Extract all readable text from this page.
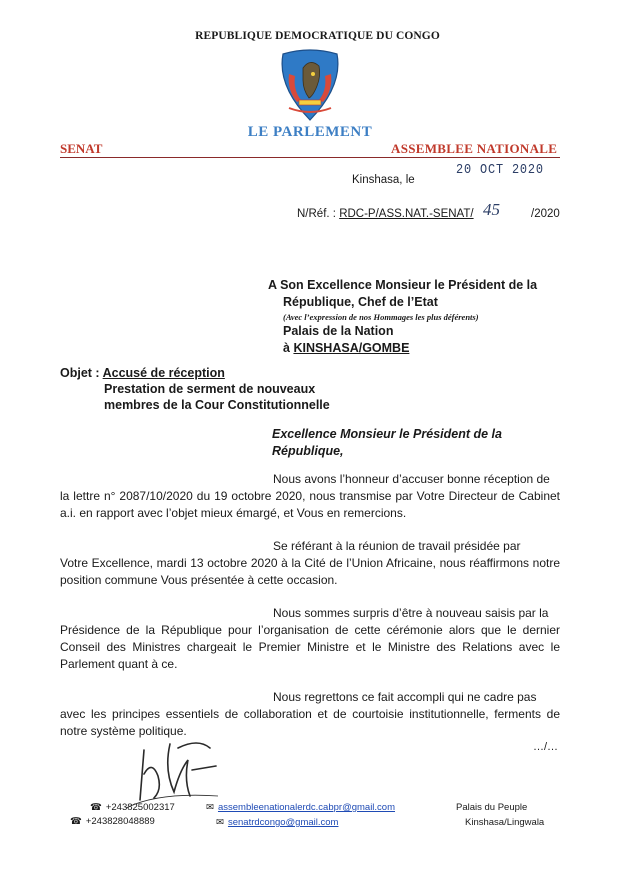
REPUBLIQUE DEMOCRATIQUE DU CONGO
LE PARLEMENT
SENAT	ASSEMBLEE NATIONALE
Kinshasa, le
20 OCT 2020
N/Réf. : RDC-P/ASS.NAT.-SENAT/ 45	/2020
A Son Excellence Monsieur le Président de la
République, Chef de l’Etat
(Avec l’expression de nos Hommages les plus déférents)
Palais de la Nation
à KINSHASA/GOMBE
Objet : Accusé de réception
Prestation de serment de nouveaux
membres de la Cour Constitutionnelle
Excellence Monsieur le Président de la
République,
Nous avons l’honneur d’accuser bonne réception de
la lettre n° 2087/10/2020 du 19 octobre 2020, nous transmise par Votre Directeur de Cabinet a.i. en rapport avec l’objet mieux émargé, et Vous en remercions.
Se référant à la réunion de travail présidée par
Votre Excellence, mardi 13 octobre 2020 à la Cité de l’Union Africaine, nous réaffirmons notre position commune Vous présentée à cette occasion.
Nous sommes surpris d’être à nouveau saisis par la
Présidence de la République pour l’organisation de cette cérémonie alors que le dernier Conseil des Ministres chargeait le Premier Ministre et le Ministre des Relations avec le Parlement quant à ce.
Nous regrettons ce fait accompli qui ne cadre pas
avec les principes essentiels de collaboration et de courtoisie institutionnelle, ferments de notre système politique.
…/…
☎ +243825002317
☎ +243828048889
✉ assembleenationalerdc.cabpr@gmail.com
✉ senatrdcongo@gmail.com
Palais du Peuple
Kinshasa/Lingwala
